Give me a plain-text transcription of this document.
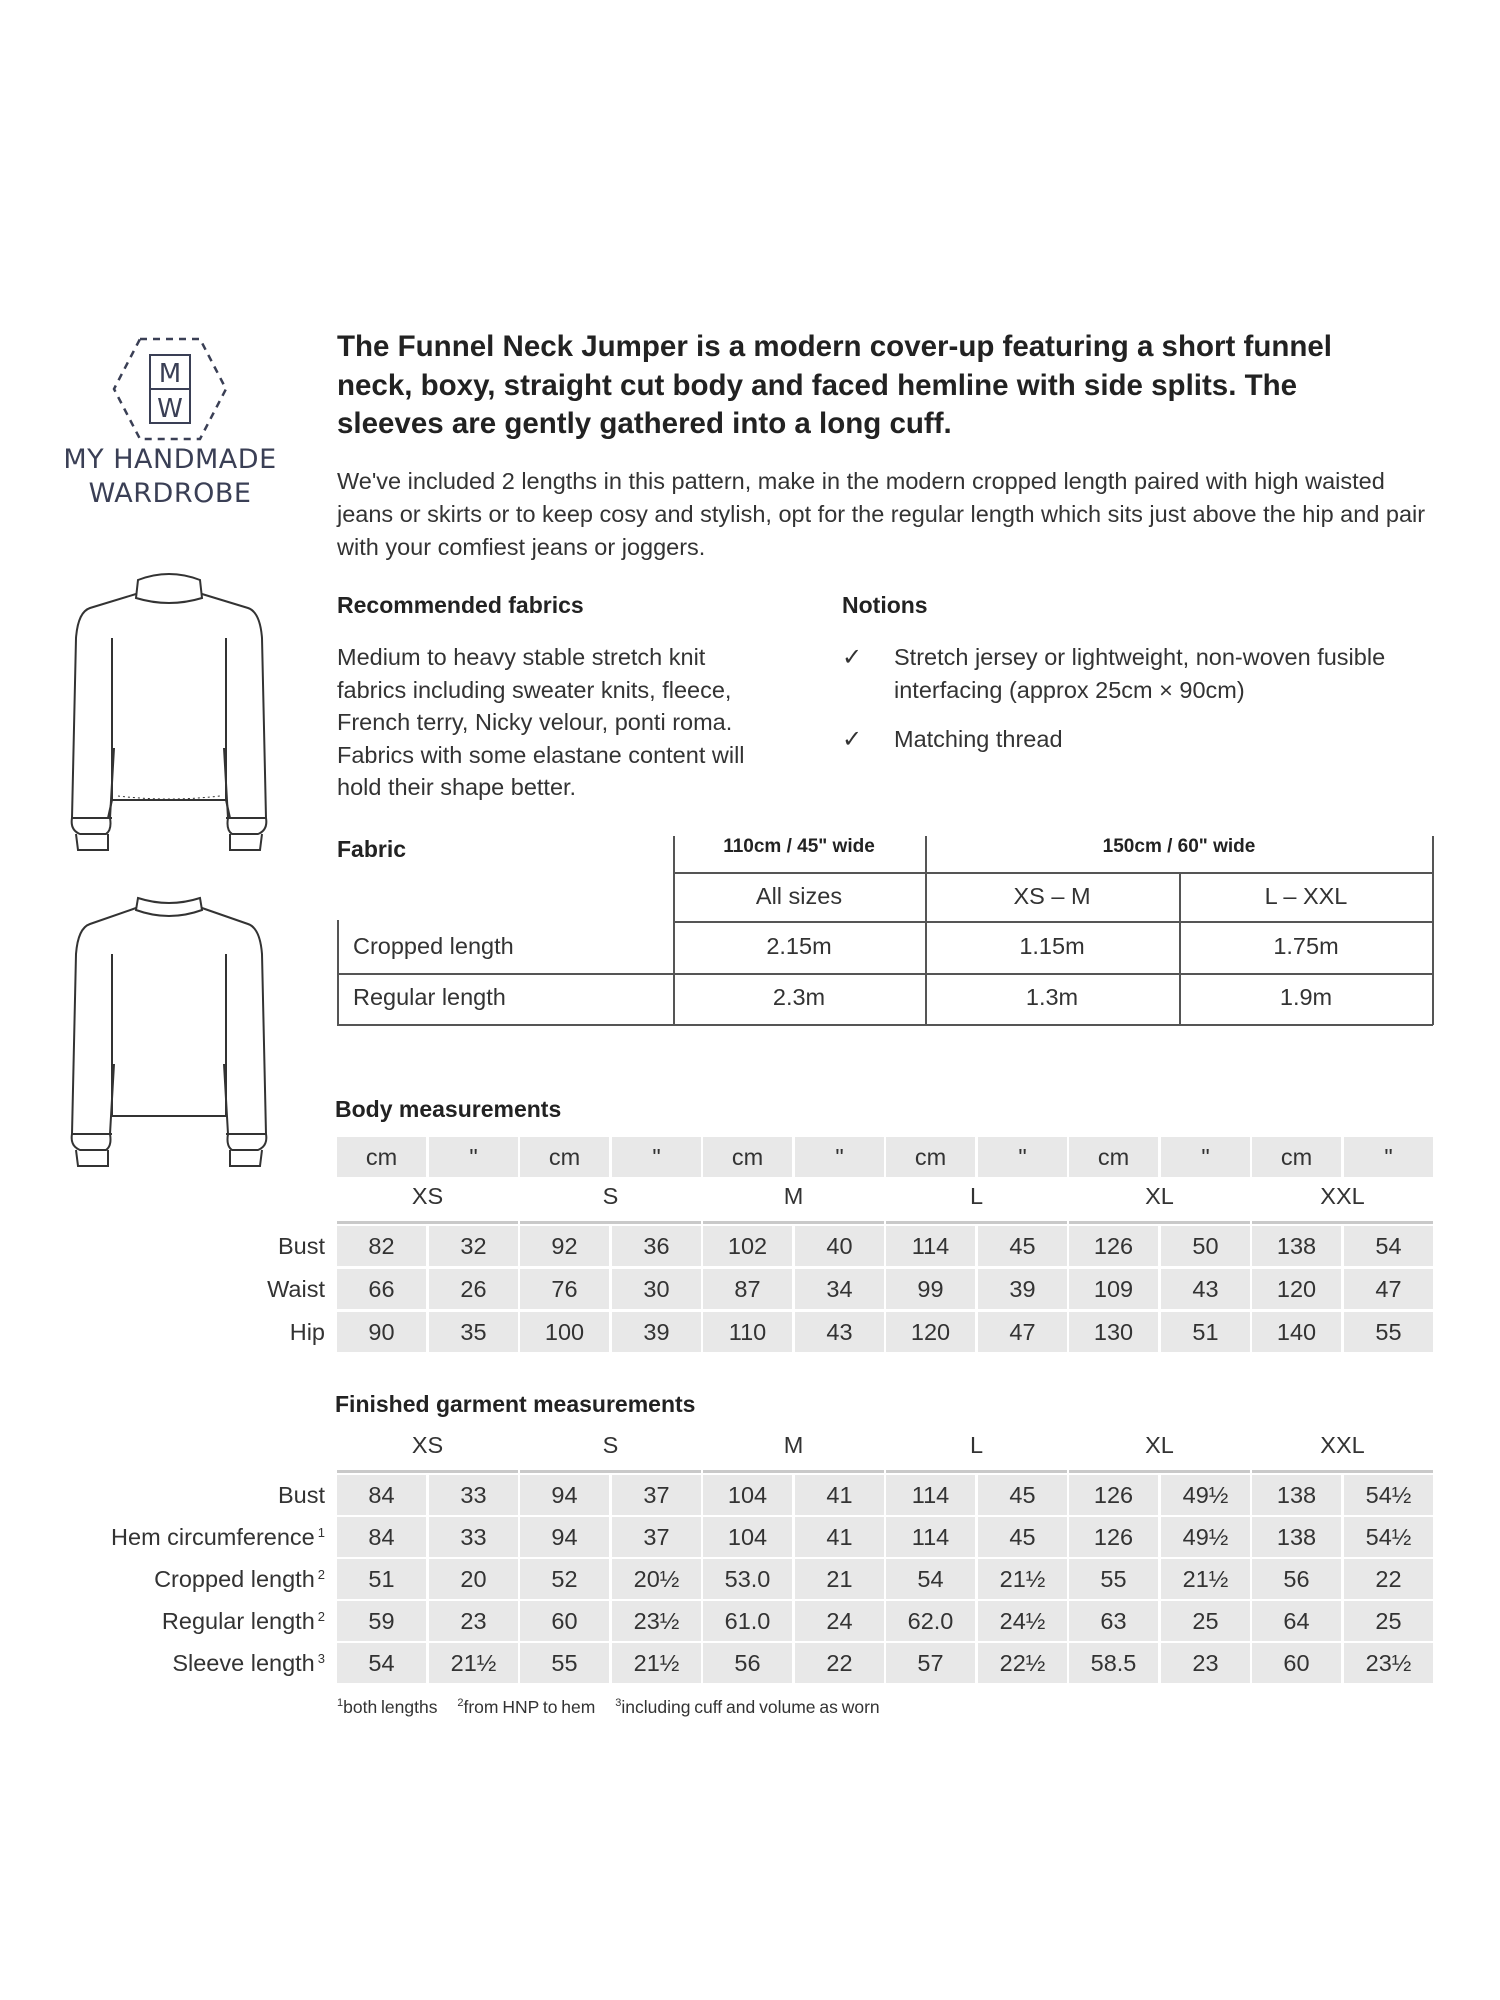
M
W
MY HANDMADE
WARDROBE
The Funnel Neck Jumper is a modern cover-up featuring a short funnel neck, boxy, straight cut body and faced hemline with side splits. The sleeves are gently gathered into a long cuff.
We've included 2 lengths in this pattern, make in the modern cropped length paired with high waisted jeans or skirts or to keep cosy and stylish, opt for the regular length which sits just above the hip and pair with your comfiest jeans or joggers.
Recommended fabrics
Medium to heavy stable stretch knit fabrics including sweater knits, fleece, French terry, Nicky velour, ponti roma. Fabrics with some elastane content will hold their shape better.
Notions
✓ Stretch jersey or lightweight, non-woven fusible interfacing (approx 25cm × 90cm)
✓ Matching thread
Fabric	110cm / 45" wide	150cm / 60" wide
All sizes	XS – M	L – XXL
Cropped length	2.15m	1.15m	1.75m
Regular length	2.3m	1.3m	1.9m
Body measurements
cm	"	cm	"	cm	"	cm	"	cm	"	cm	"
XS	S	M	L	XL	XXL
Bust	82	32	92	36	102	40	114	45	126	50	138	54
Waist	66	26	76	30	87	34	99	39	109	43	120	47
Hip	90	35	100	39	110	43	120	47	130	51	140	55
Finished garment measurements
XS	S	M	L	XL	XXL
Bust	84	33	94	37	104	41	114	45	126	49½	138	54½
Hem circumference $^1$	84	33	94	37	104	41	114	45	126	49½	138	54½
Cropped length $^2$	51	20	52	20½	53.0	21	54	21½	55	21½	56	22
Regular length $^2$	59	23	60	23½	61.0	24	62.0	24½	63	25	64	25
Sleeve length $^3$	54	21½	55	21½	56	22	57	22½	58.5	23	60	23½
$^1$both lengths $^2$from HNP to hem $^3$including cuff and volume as worn
